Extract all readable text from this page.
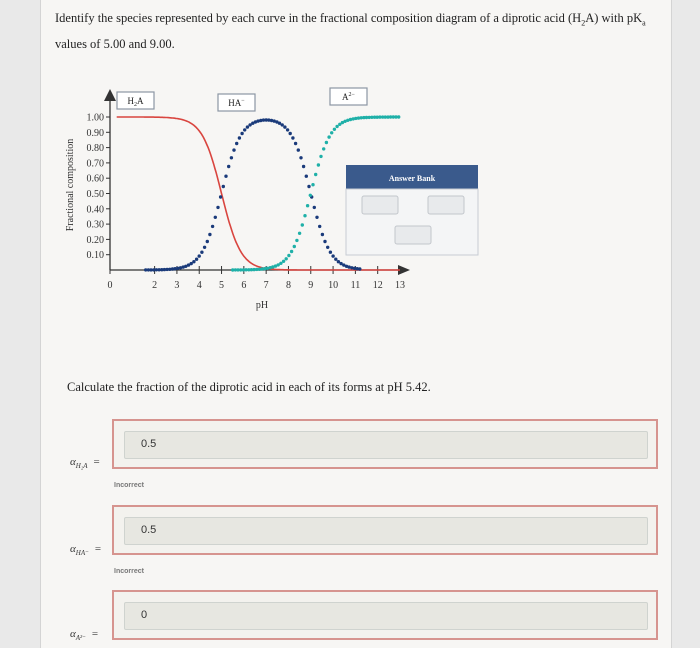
Identify the species represented by each curve in the fractional composition diagram of a diprotic acid $(H_2A)$ with $pK_a$ values of 5.00 and 9.00.
Fractional composition
pH
1.00
0.90
0.80
0.70
0.60
0.50
0.40
0.30
0.20
0.10
0	2 3 4 5 6 7 8 9 10 11 12 13
$H_2A$	HA−	$A^{2-}$
Answer Bank
Calculate the fraction of the diprotic acid in each of its forms at pH 5.42.
$\alpha_{H_2A}$ =
0.5
Incorrect
$\alpha_{HA^-}$ =
0.5
Incorrect
$\alpha_{A^{2-}}$ =
0
